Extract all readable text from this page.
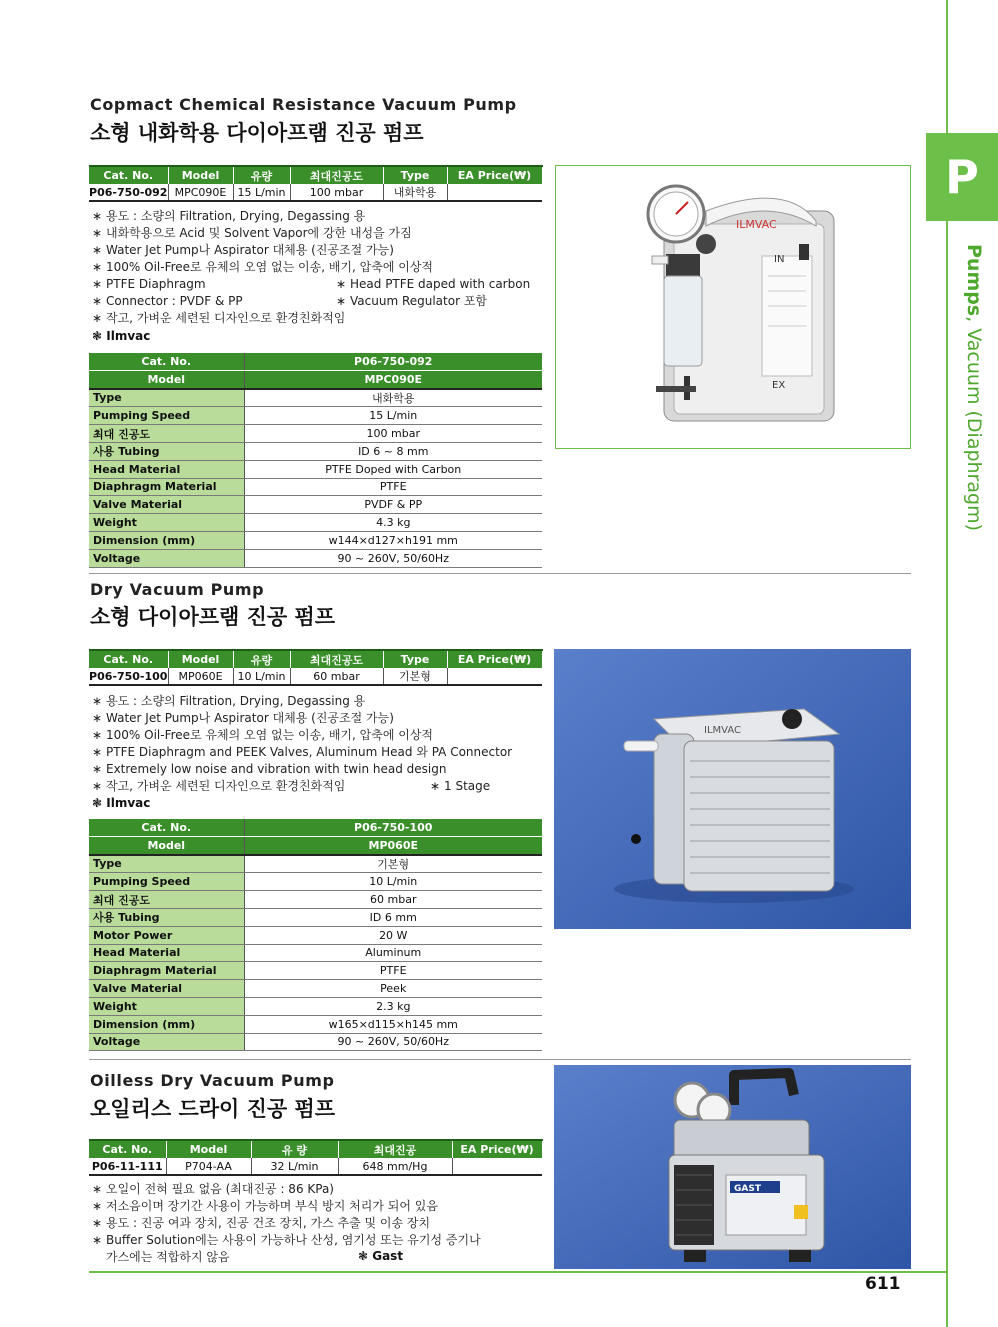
P
Pumps, Vacuum (Diaphragm)
Copmact Chemical Resistance Vacuum Pump
소형 내화학용 다이아프램 진공 펌프
Cat. No.	Model	유량	최대진공도	Type	EA Price(₩)
P06-750-092	MPC090E	15 L/min	100 mbar	내화학용	
∗ 용도 : 소량의 Filtration, Drying, Degassing 용
∗ 내화학용으로 Acid 및 Solvent Vapor에 강한 내성을 가짐
∗ Water Jet Pump나 Aspirator 대체용 (진공조절 가능)
∗ 100% Oil-Free로 유체의 오염 없는 이송, 배기, 압축에 이상적
∗ PTFE Diaphragm
∗ Connector : PVDF & PP
∗ 작고, 가벼운 세련된 디자인으로 환경친화적임
∗ Head PTFE daped with carbon
∗ Vacuum Regulator 포함
❃ Ilmvac
Cat. No.	P06-750-092
Model	MPC090E
Type	내화학용
Pumping Speed	15 L/min
최대 진공도	100 mbar
사용 Tubing	ID 6 ~ 8 mm
Head Material	PTFE Doped with Carbon
Diaphragm Material	PTFE
Valve Material	PVDF & PP
Weight	4.3 kg
Dimension (mm)	w144×d127×h191 mm
Voltage	90 ~ 260V, 50/60Hz
ILMVAC
IN
EX
Dry Vacuum Pump
소형 다이아프램 진공 펌프
Cat. No.	Model	유량	최대진공도	Type	EA Price(₩)
P06-750-100	MP060E	10 L/min	60 mbar	기본형	
∗ 용도 : 소량의 Filtration, Drying, Degassing 용
∗ Water Jet Pump나 Aspirator 대체용 (진공조절 가능)
∗ 100% Oil-Free로 유체의 오염 없는 이송, 배기, 압축에 이상적
∗ PTFE Diaphragm and PEEK Valves, Aluminum Head 와 PA Connector
∗ Extremely low noise and vibration with twin head design
∗ 작고, 가벼운 세련된 디자인으로 환경친화적임	∗ 1 Stage
❃ Ilmvac
Cat. No.	P06-750-100
Model	MP060E
Type	기본형
Pumping Speed	10 L/min
최대 진공도	60 mbar
사용 Tubing	ID 6 mm
Motor Power	20 W
Head Material	Aluminum
Diaphragm Material	PTFE
Valve Material	Peek
Weight	2.3 kg
Dimension (mm)	w165×d115×h145 mm
Voltage	90 ~ 260V, 50/60Hz
ILMVAC
Oilless Dry Vacuum Pump
오일리스 드라이 진공 펌프
Cat. No.	Model	유 량	최대진공	EA Price(₩)
P06-11-111	P704-AA	32 L/min	648 mm/Hg	
∗ 오일이 전혀 필요 없음 (최대진공 : 86 KPa)
∗ 저소음이며 장기간 사용이 가능하며 부식 방지 처리가 되어 있음
∗ 용도 : 진공 여과 장치, 진공 건조 장치, 가스 추출 및 이송 장치
∗ Buffer Solution에는 사용이 가능하나 산성, 염기성 또는 유기성 증기나
가스에는 적합하지 않음	❃ Gast
GAST
611
